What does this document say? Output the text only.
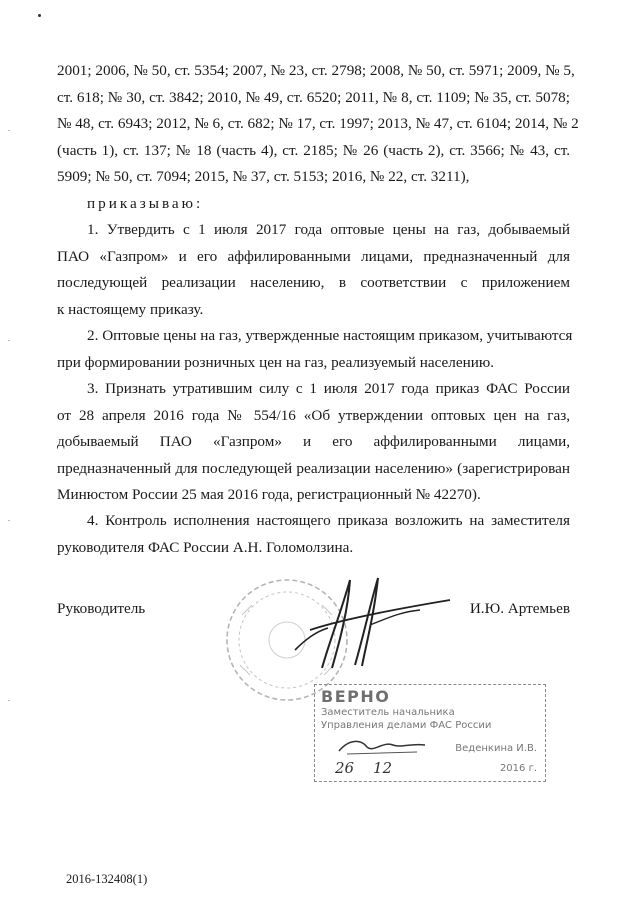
2001; 2006, № 50, ст. 5354; 2007, № 23, ст. 2798; 2008, № 50, ст. 5971; 2009, № 5,
ст. 618; № 30, ст. 3842; 2010, № 49, ст. 6520; 2011, № 8, ст. 1109; № 35, ст. 5078;
№ 48, ст. 6943; 2012, № 6, ст. 682; № 17, ст. 1997; 2013, № 47, ст. 6104; 2014, № 2
(часть 1), ст. 137; № 18 (часть 4), ст. 2185; № 26 (часть 2), ст. 3566; № 43, ст.
5909; № 50, ст. 7094; 2015, № 37, ст. 5153; 2016, № 22, ст. 3211),
приказываю:
1. Утвердить с 1 июля 2017 года оптовые цены на газ, добываемый
ПАО «Газпром» и его аффилированными лицами, предназначенный для
последующей реализации населению, в соответствии с приложением
к настоящему приказу.
2. Оптовые цены на газ, утвержденные настоящим приказом, учитываются
при формировании розничных цен на газ, реализуемый населению.
3. Признать утратившим силу с 1 июля 2017 года приказ ФАС России
от 28 апреля 2016 года № 554/16 «Об утверждении оптовых цен на газ,
добываемый ПАО «Газпром» и его аффилированными лицами,
предназначенный для последующей реализации населению» (зарегистрирован
Минюстом России 25 мая 2016 года, регистрационный № 42270).
4. Контроль исполнения настоящего приказа возложить на заместителя
руководителя ФАС России А.Н. Голомолзина.
Руководитель	И.Ю. Артемьев
ВЕРНО
Заместитель начальника
Управления делами ФАС России
Веденкина И.В.
26 12	2016 г.
2016-132408(1)
